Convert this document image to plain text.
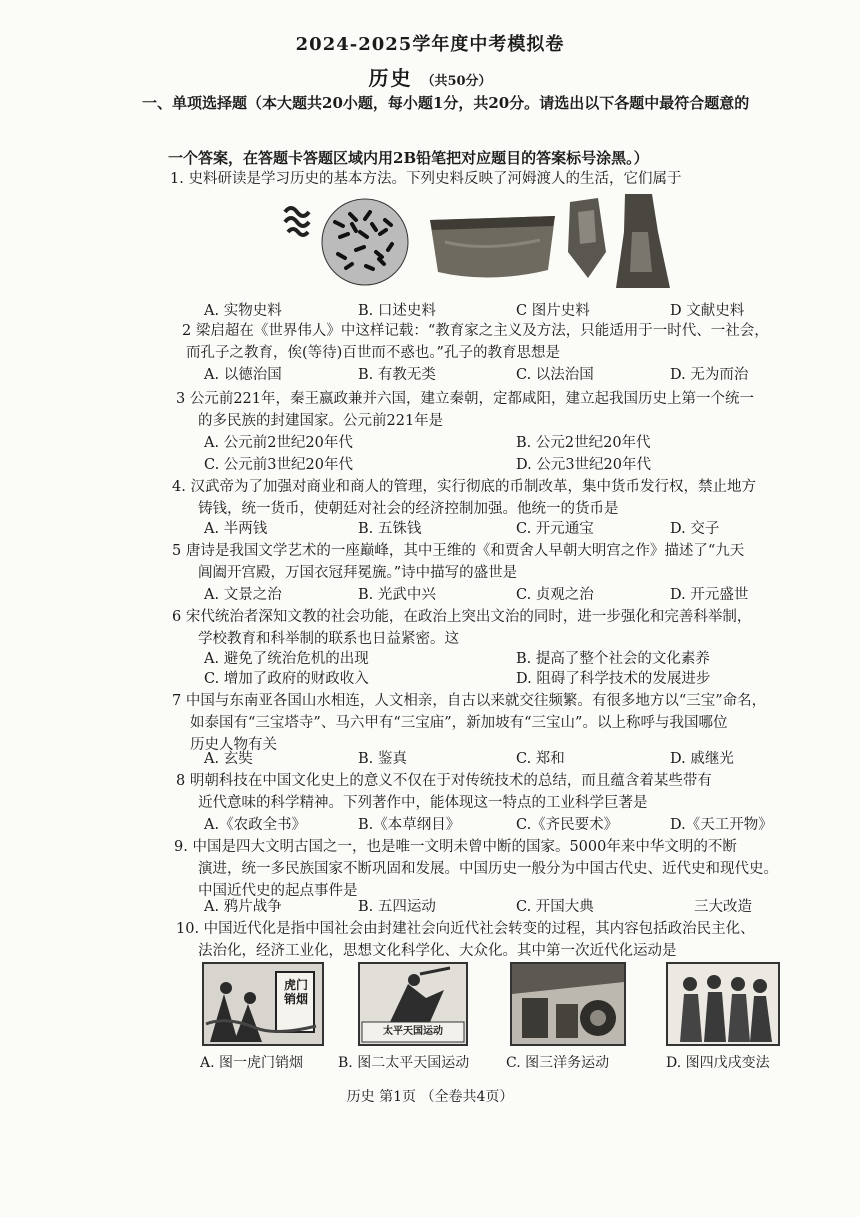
2024-2025学年度中考模拟卷
历史 （共50分）
一、单项选择题（本大题共20小题，每小题1分，共20分。请选出以下各题中最符合题意的
一个答案，在答题卡答题区域内用2B铅笔把对应题目的答案标号涂黑。）
1. 史料研读是学习历史的基本方法。下列史料反映了河姆渡人的生活，它们属于
A. 实物史料	B. 口述史料	C 图片史料	D 文献史料
2 梁启超在《世界伟人》中这样记载：“教育家之主义及方法，只能适用于一时代、一社会，
而孔子之教育，俟(等待)百世而不惑也。”孔子的教育思想是
A. 以德治国	B. 有教无类	C. 以法治国	D. 无为而治
3 公元前221年，秦王嬴政兼并六国，建立秦朝，定都咸阳，建立起我国历史上第一个统一
的多民族的封建国家。公元前221年是
A. 公元前2世纪20年代	B. 公元2世纪20年代
C. 公元前3世纪20年代	D. 公元3世纪20年代
4. 汉武帝为了加强对商业和商人的管理，实行彻底的币制改革，集中货币发行权，禁止地方
铸钱，统一货币，使朝廷对社会的经济控制加强。他统一的货币是
A. 半两钱	B. 五铢钱	C. 开元通宝	D. 交子
5 唐诗是我国文学艺术的一座巅峰，其中王维的《和贾舍人早朝大明宫之作》描述了“九天
阊阖开宫殿，万国衣冠拜冕旒。”诗中描写的盛世是
A. 文景之治	B. 光武中兴	C. 贞观之治	D. 开元盛世
6 宋代统治者深知文教的社会功能，在政治上突出文治的同时，进一步强化和完善科举制，
学校教育和科举制的联系也日益紧密。这
A. 避免了统治危机的出现	B. 提高了整个社会的文化素养
C. 增加了政府的财政收入	D. 阻碍了科学技术的发展进步
7 中国与东南亚各国山水相连，人文相亲，自古以来就交往频繁。有很多地方以“三宝”命名，
如泰国有“三宝塔寺”、马六甲有“三宝庙”，新加坡有“三宝山”。以上称呼与我国哪位
历史人物有关
A. 玄奘	B. 鉴真	C. 郑和	D. 戚继光
8 明朝科技在中国文化史上的意义不仅在于对传统技术的总结，而且蕴含着某些带有
近代意味的科学精神。下列著作中，能体现这一特点的工业科学巨著是
A.《农政全书》	B.《本草纲目》	C.《齐民要术》	D.《天工开物》
9. 中国是四大文明古国之一，也是唯一文明未曾中断的国家。5000年来中华文明的不断
演进，统一多民族国家不断巩固和发展。中国历史一般分为中国古代史、近代史和现代史。
中国近代史的起点事件是
A. 鸦片战争	B. 五四运动	C. 开国大典	三大改造
10. 中国近代化是指中国社会由封建社会向近代社会转变的过程，其内容包括政治民主化、
法治化，经济工业化，思想文化科学化、大众化。其中第一次近代化运动是
虎门销烟
太平天国运动
A. 图一虎门销烟 B. 图二太平天国运动	C. 图三洋务运动	D. 图四戊戌变法
历史 第1页 （全卷共4页）
